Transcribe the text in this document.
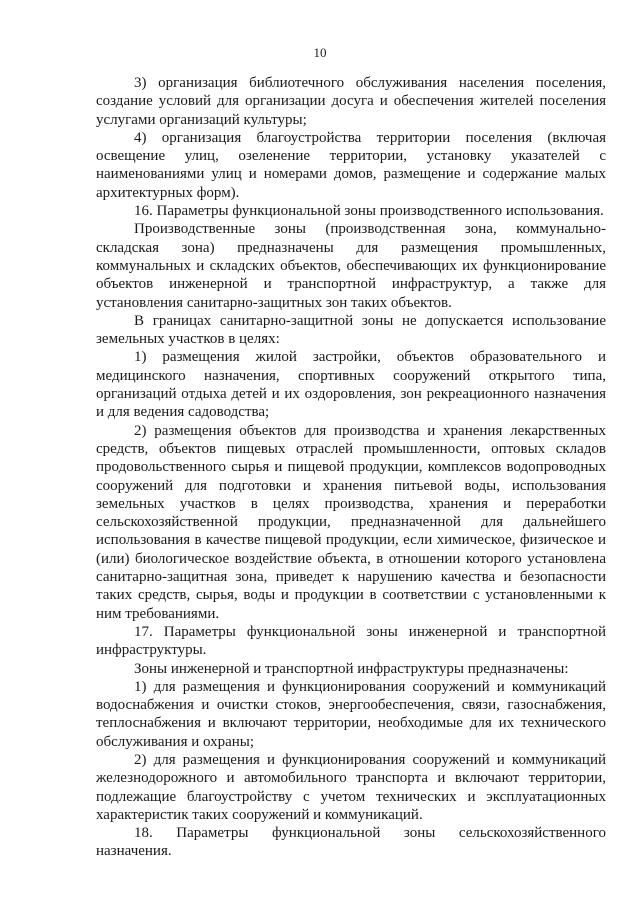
10

3) организация библиотечного обслуживания населения поселения, создание условий для организации досуга и обеспечения жителей поселения услугами организаций культуры;

4) организация благоустройства территории поселения (включая освещение улиц, озеленение территории, установку указателей с наименованиями улиц и номерами домов, размещение и содержание малых архитектурных форм).

16. Параметры функциональной зоны производственного использования.

Производственные зоны (производственная зона, коммунально-складская зона) предназначены для размещения промышленных, коммунальных и складских объектов, обеспечивающих их функционирование объектов инженерной и транспортной инфраструктур, а также для установления санитарно-защитных зон таких объектов.

В границах санитарно-защитной зоны не допускается использование земельных участков в целях:

1) размещения жилой застройки, объектов образовательного и медицинского назначения, спортивных сооружений открытого типа, организаций отдыха детей и их оздоровления, зон рекреационного назначения и для ведения садоводства;

2) размещения объектов для производства и хранения лекарственных средств, объектов пищевых отраслей промышленности, оптовых складов продовольственного сырья и пищевой продукции, комплексов водопроводных сооружений для подготовки и хранения питьевой воды, использования земельных участков в целях производства, хранения и переработки сельскохозяйственной продукции, предназначенной для дальнейшего использования в качестве пищевой продукции, если химическое, физическое и (или) биологическое воздействие объекта, в отношении которого установлена санитарно-защитная зона, приведет к нарушению качества и безопасности таких средств, сырья, воды и продукции в соответствии с установленными к ним требованиями.

17. Параметры функциональной зоны инженерной и транспортной инфраструктуры.

Зоны инженерной и транспортной инфраструктуры предназначены:

1) для размещения и функционирования сооружений и коммуникаций водоснабжения и очистки стоков, энергообеспечения, связи, газоснабжения, теплоснабжения и включают территории, необходимые для их технического обслуживания и охраны;

2) для размещения и функционирования сооружений и коммуникаций железнодорожного и автомобильного транспорта и включают территории, подлежащие благоустройству с учетом технических и эксплуатационных характеристик таких сооружений и коммуникаций.

18. Параметры функциональной зоны сельскохозяйственного назначения.
